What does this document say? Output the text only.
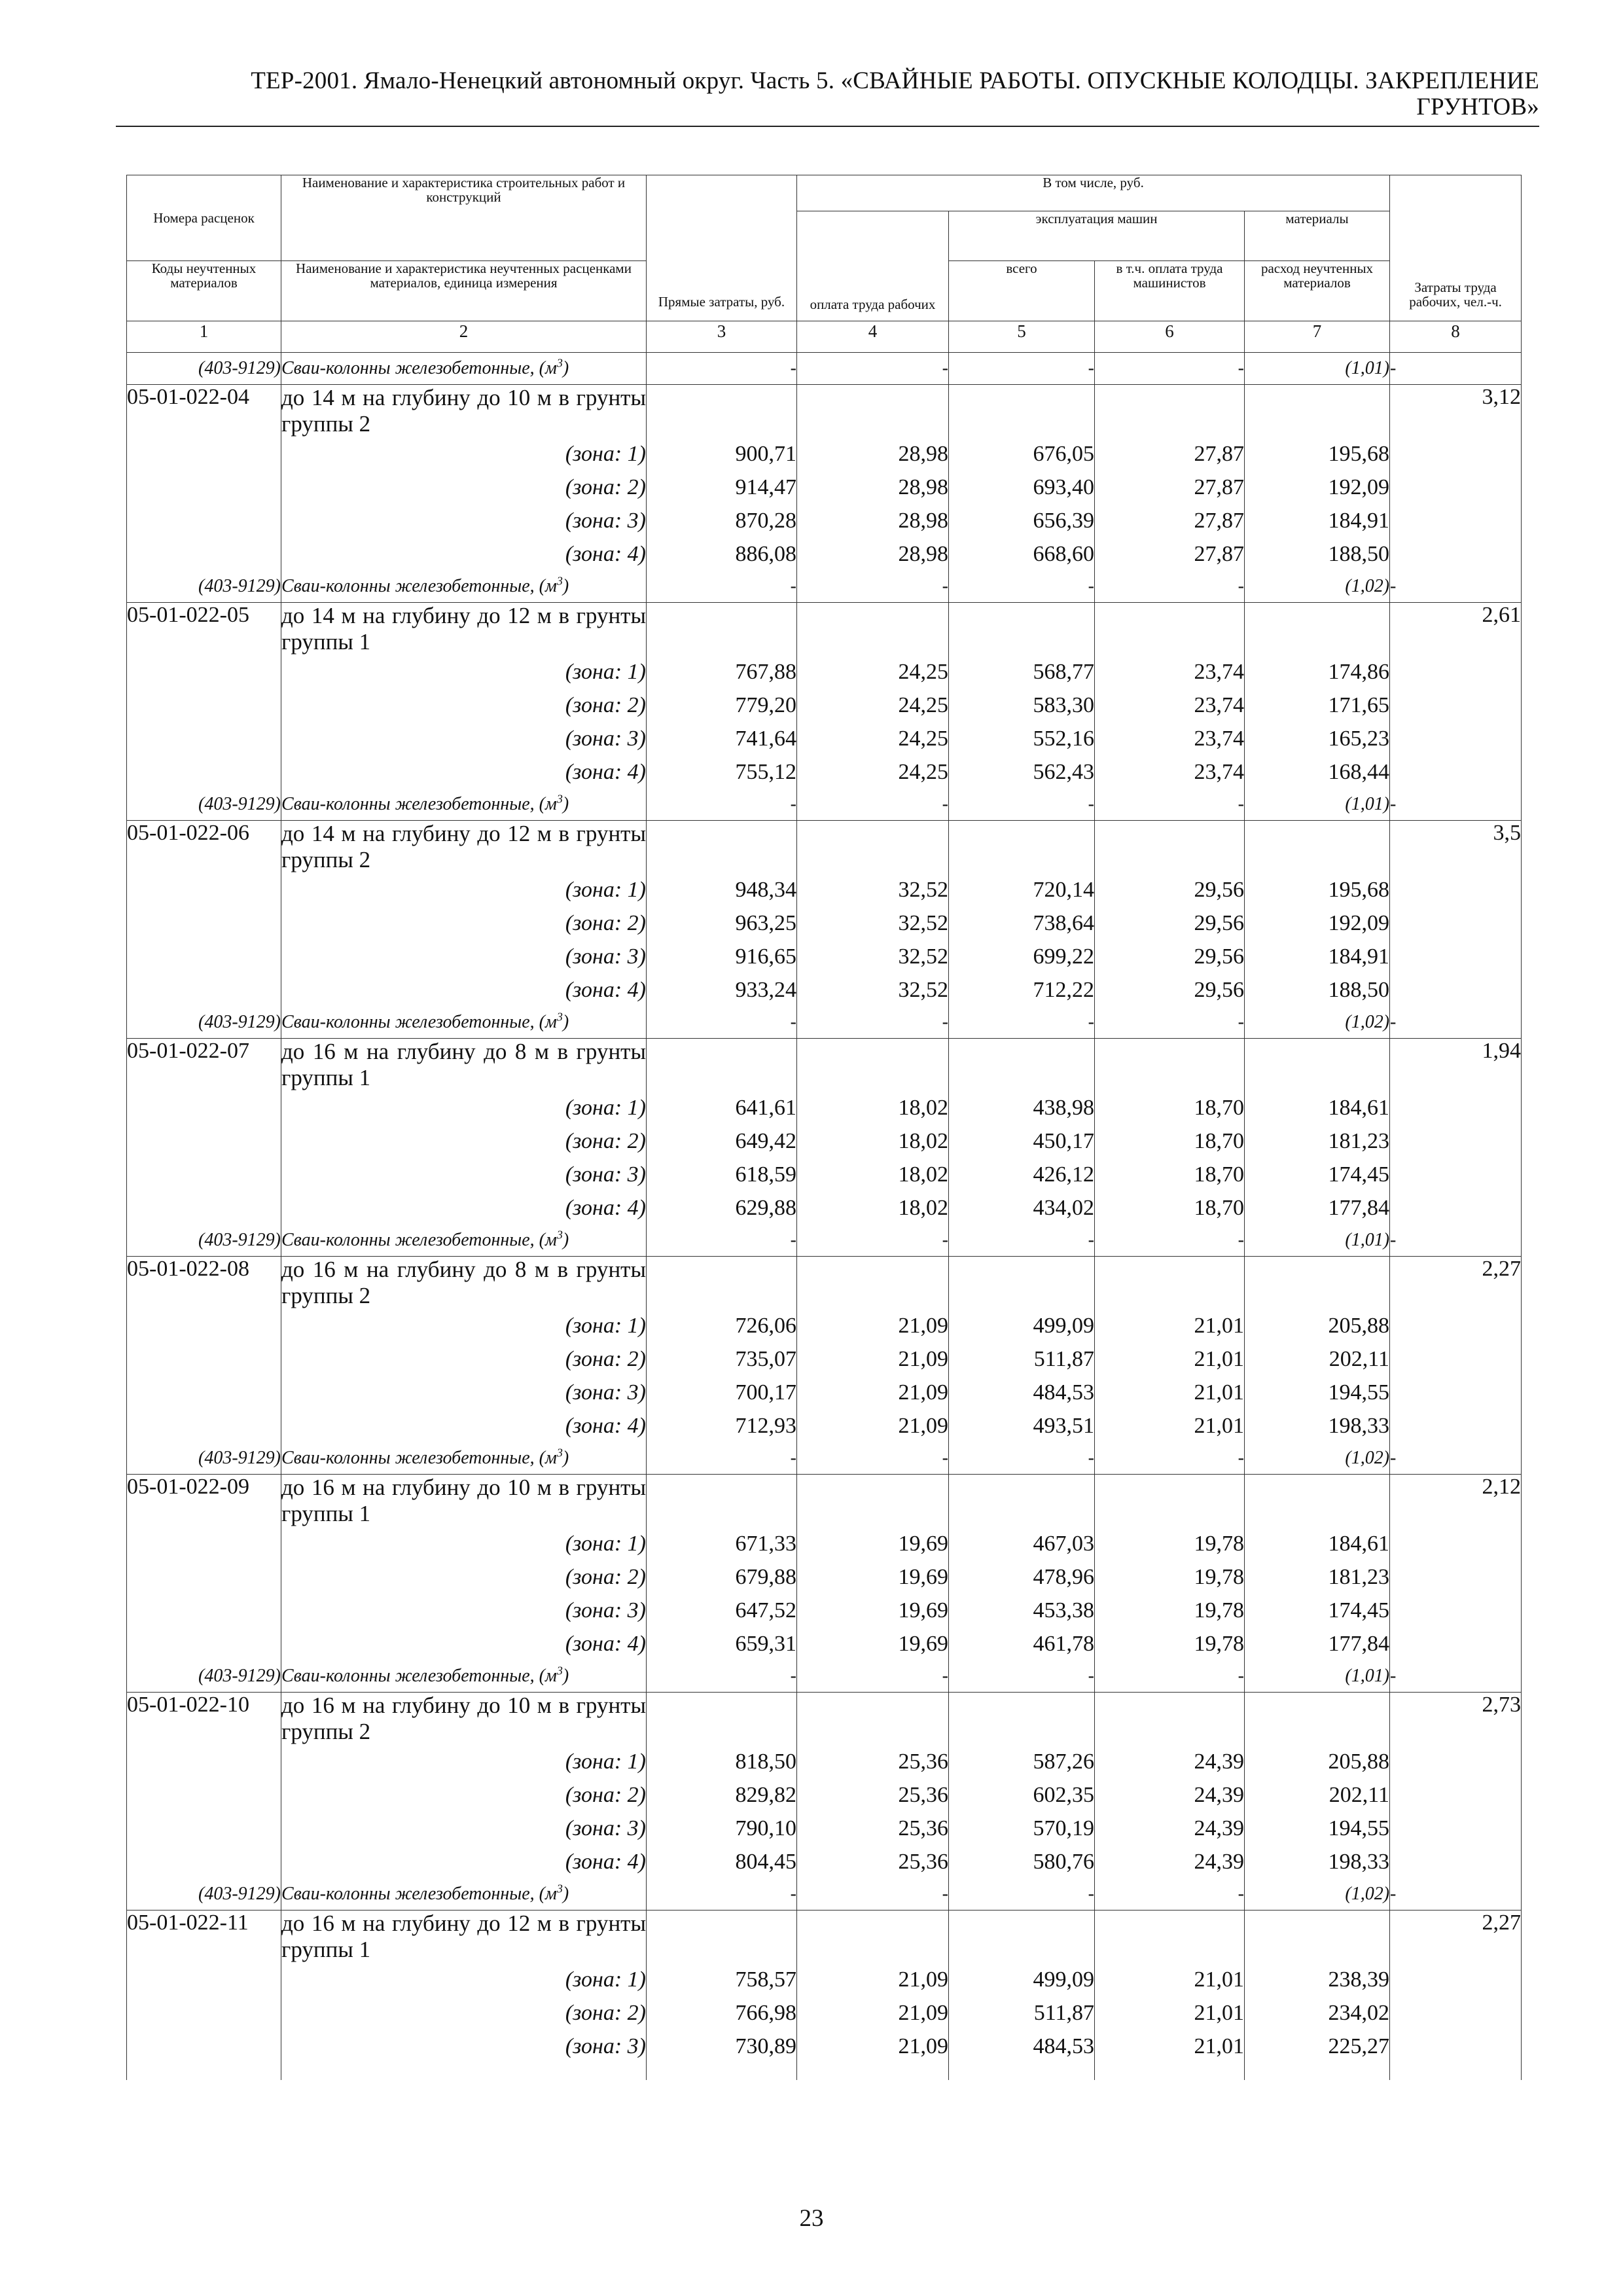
ТЕР-2001. Ямало-Ненецкий автономный округ. Часть 5. «СВАЙНЫЕ РАБОТЫ. ОПУСКНЫЕ КОЛОДЦЫ. ЗАКРЕПЛЕНИЕ
ГРУНТОВ»
Номера расценок	Наименование и характеристика строительных работ и конструкций	Прямые затраты, руб.	В том числе, руб.				Затраты труда рабочих, чел.-ч.
			оплата труда рабочих	эксплуатация машин		материалы	
Коды неучтенных материалов	Наименование и характеристика неучтенных расценками материалов, единица измерения			всего	в т.ч. оплата труда машинистов	расход неучтенных материалов	
1	2	3	4	5	6	7	8
(403-9129)	Сваи-колонны железобетонные, $(м^3)$	-	-	-	-	(1,01)	-
05-01-022-04	до 14 м на глубину до 10 м в грунты группы 2						3,12
	(зона: 1)	900,71	28,98	676,05	27,87	195,68	
	(зона: 2)	914,47	28,98	693,40	27,87	192,09	
	(зона: 3)	870,28	28,98	656,39	27,87	184,91	
	(зона: 4)	886,08	28,98	668,60	27,87	188,50	
(403-9129)	Сваи-колонны железобетонные, $(м^3)$	-	-	-	-	(1,02)	-
05-01-022-05	до 14 м на глубину до 12 м в грунты группы 1						2,61
	(зона: 1)	767,88	24,25	568,77	23,74	174,86	
	(зона: 2)	779,20	24,25	583,30	23,74	171,65	
	(зона: 3)	741,64	24,25	552,16	23,74	165,23	
	(зона: 4)	755,12	24,25	562,43	23,74	168,44	
(403-9129)	Сваи-колонны железобетонные, $(м^3)$	-	-	-	-	(1,01)	-
05-01-022-06	до 14 м на глубину до 12 м в грунты группы 2						3,5
	(зона: 1)	948,34	32,52	720,14	29,56	195,68	
	(зона: 2)	963,25	32,52	738,64	29,56	192,09	
	(зона: 3)	916,65	32,52	699,22	29,56	184,91	
	(зона: 4)	933,24	32,52	712,22	29,56	188,50	
(403-9129)	Сваи-колонны железобетонные, $(м^3)$	-	-	-	-	(1,02)	-
05-01-022-07	до 16 м на глубину до 8 м в грунты группы 1						1,94
	(зона: 1)	641,61	18,02	438,98	18,70	184,61	
	(зона: 2)	649,42	18,02	450,17	18,70	181,23	
	(зона: 3)	618,59	18,02	426,12	18,70	174,45	
	(зона: 4)	629,88	18,02	434,02	18,70	177,84	
(403-9129)	Сваи-колонны железобетонные, $(м^3)$	-	-	-	-	(1,01)	-
05-01-022-08	до 16 м на глубину до 8 м в грунты группы 2						2,27
	(зона: 1)	726,06	21,09	499,09	21,01	205,88	
	(зона: 2)	735,07	21,09	511,87	21,01	202,11	
	(зона: 3)	700,17	21,09	484,53	21,01	194,55	
	(зона: 4)	712,93	21,09	493,51	21,01	198,33	
(403-9129)	Сваи-колонны железобетонные, $(м^3)$	-	-	-	-	(1,02)	-
05-01-022-09	до 16 м на глубину до 10 м в грунты группы 1						2,12
	(зона: 1)	671,33	19,69	467,03	19,78	184,61	
	(зона: 2)	679,88	19,69	478,96	19,78	181,23	
	(зона: 3)	647,52	19,69	453,38	19,78	174,45	
	(зона: 4)	659,31	19,69	461,78	19,78	177,84	
(403-9129)	Сваи-колонны железобетонные, $(м^3)$	-	-	-	-	(1,01)	-
05-01-022-10	до 16 м на глубину до 10 м в грунты группы 2						2,73
	(зона: 1)	818,50	25,36	587,26	24,39	205,88	
	(зона: 2)	829,82	25,36	602,35	24,39	202,11	
	(зона: 3)	790,10	25,36	570,19	24,39	194,55	
	(зона: 4)	804,45	25,36	580,76	24,39	198,33	
(403-9129)	Сваи-колонны железобетонные, $(м^3)$	-	-	-	-	(1,02)	-
05-01-022-11	до 16 м на глубину до 12 м в грунты группы 1						2,27
	(зона: 1)	758,57	21,09	499,09	21,01	238,39	
	(зона: 2)	766,98	21,09	511,87	21,01	234,02	
	(зона: 3)	730,89	21,09	484,53	21,01	225,27	

23
